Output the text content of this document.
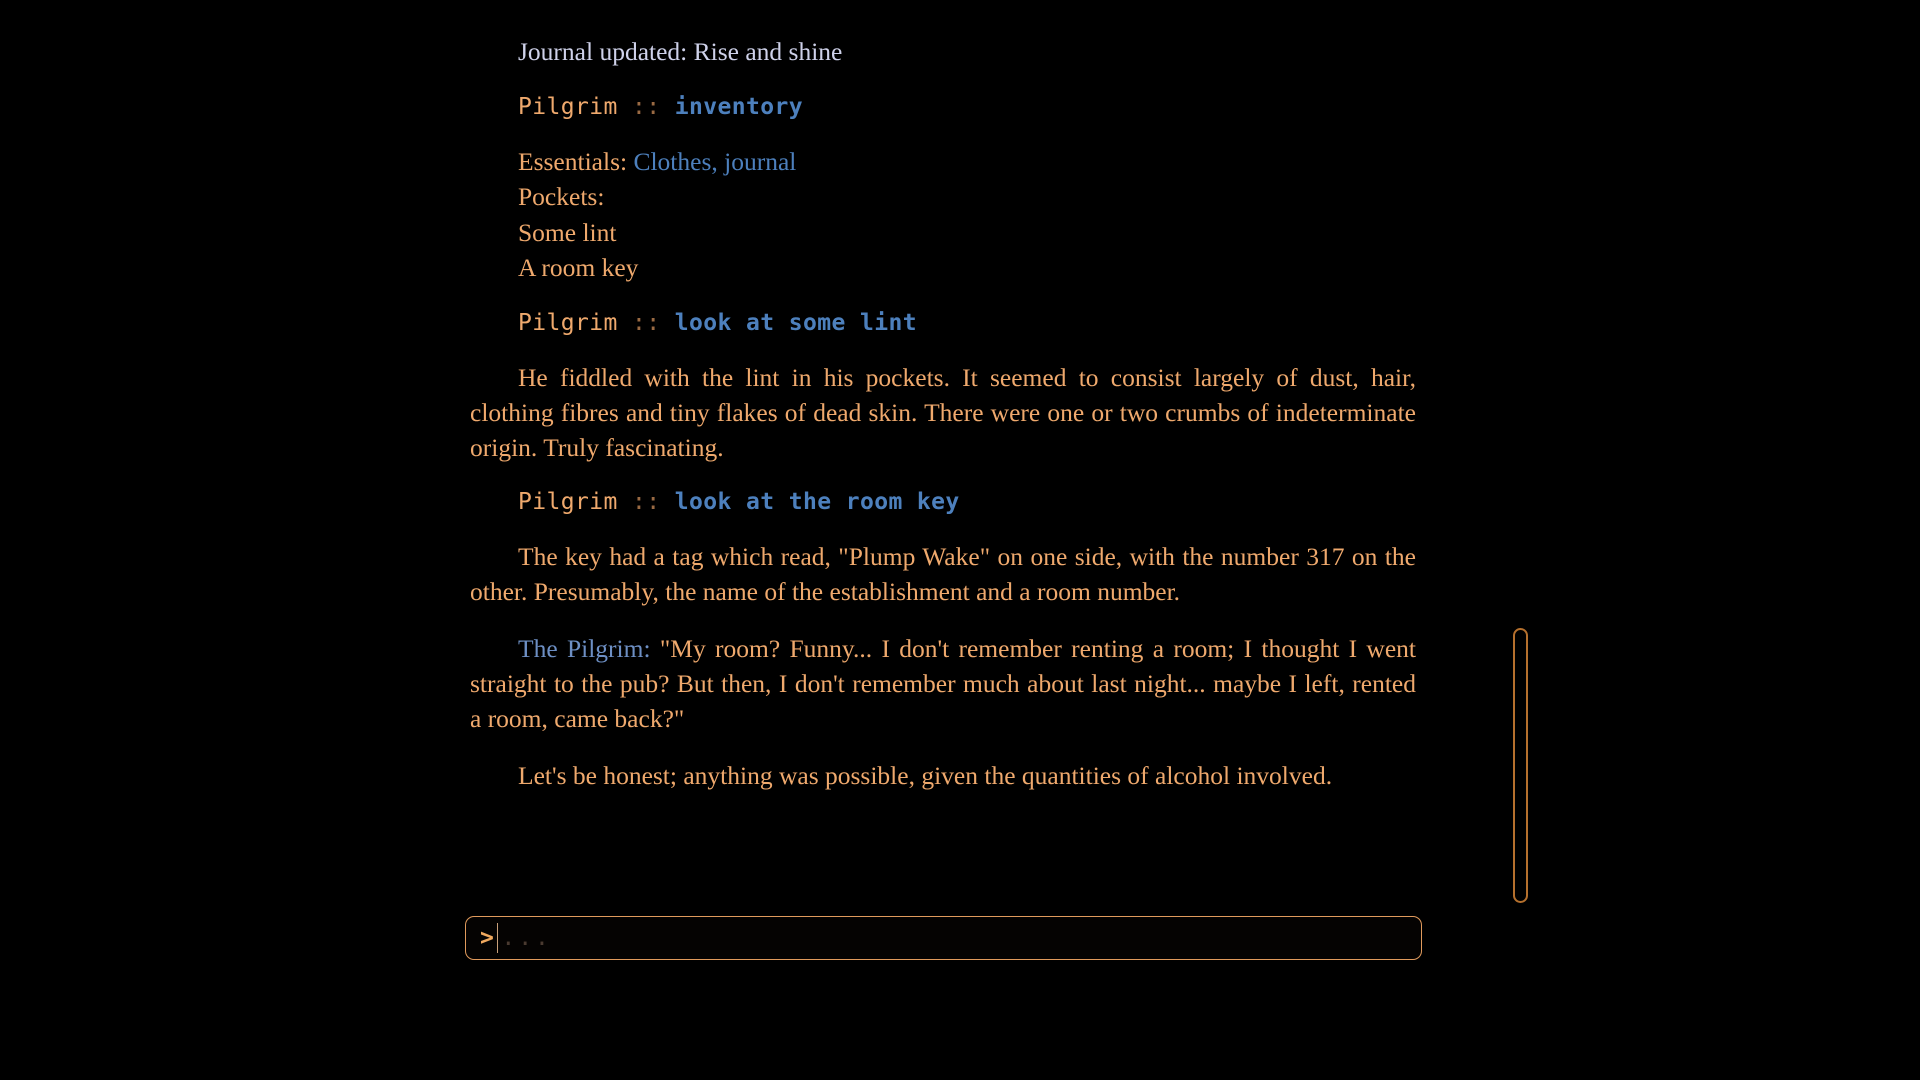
Journal updated: Rise and shine
Pilgrim :: inventory
Essentials: Clothes, journal
Pockets:
Some lint
A room key
Pilgrim :: look at some lint

He fiddled with the lint in his pockets. It seemed to consist largely of dust, hair, clothing fibres and tiny flakes of dead skin. There were one or two crumbs of indeterminate origin. Truly fascinating.

Pilgrim :: look at the room key

The key had a tag which read, "Plump Wake" on one side, with the number 317 on the other. Presumably, the name of the establishment and a room number.

The Pilgrim: "My room? Funny... I don't remember renting a room; I thought I went straight to the pub? But then, I don't remember much about last night... maybe I left, rented a room, came back?"

Let's be honest; anything was possible, given the quantities of alcohol involved.

> ...
